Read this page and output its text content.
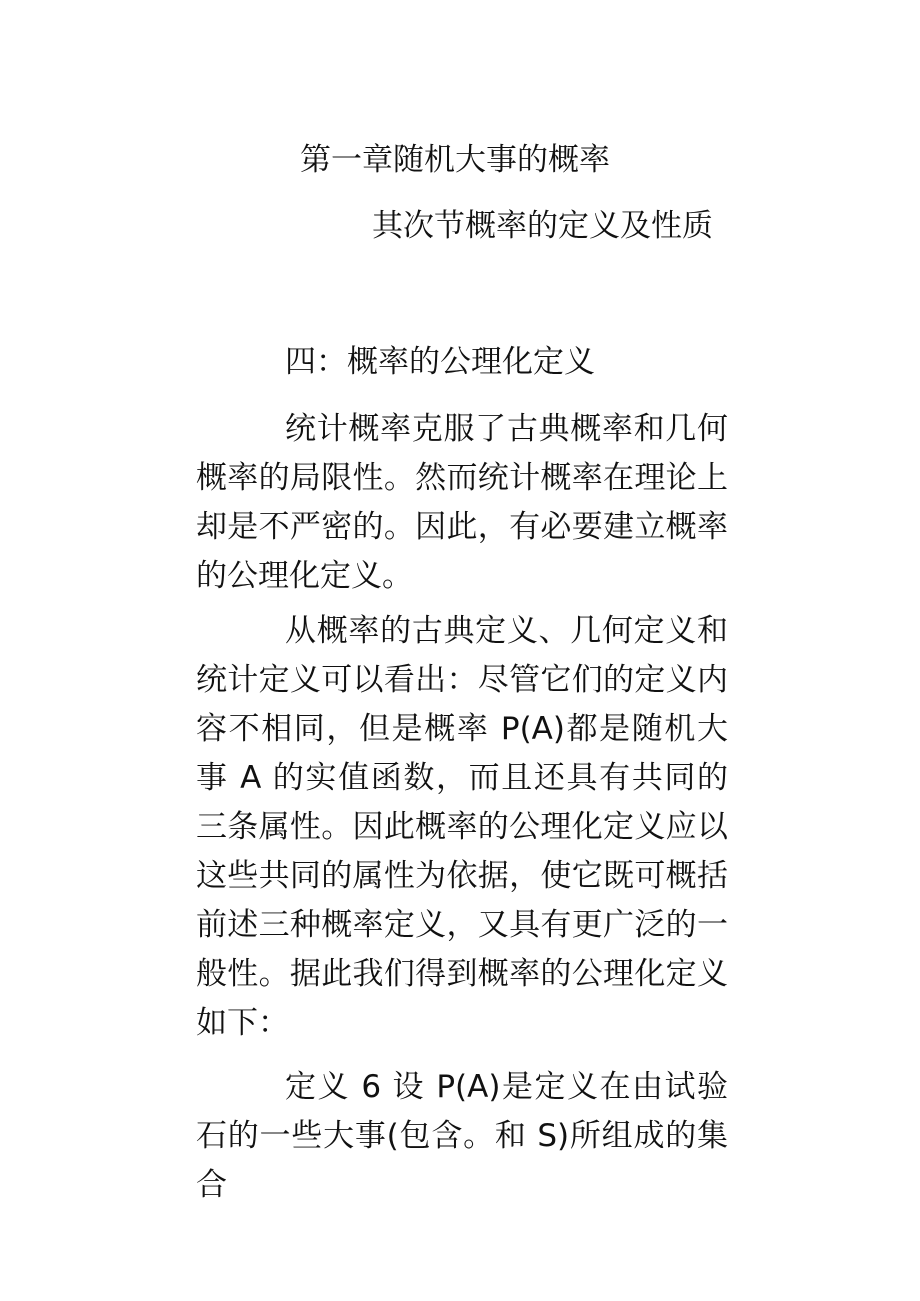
第一章随机大事的概率
其次节概率的定义及性质
四：概率的公理化定义

统计概率克服了古典概率和几何概率的局限性。然而统计概率在理论上却是不严密的。因此，有必要建立概率的公理化定义。

从概率的古典定义、几何定义和统计定义可以看出：尽管它们的定义内容不相同，但是概率 P(A)都是随机大事 A 的实值函数，而且还具有共同的三条属性。因此概率的公理化定义应以这些共同的属性为依据，使它既可概括前述三种概率定义，又具有更广泛的一般性。据此我们得到概率的公理化定义如下：

定义 6 设 P(A)是定义在由试验石的一些大事(包含。和 S)所组成的集合
